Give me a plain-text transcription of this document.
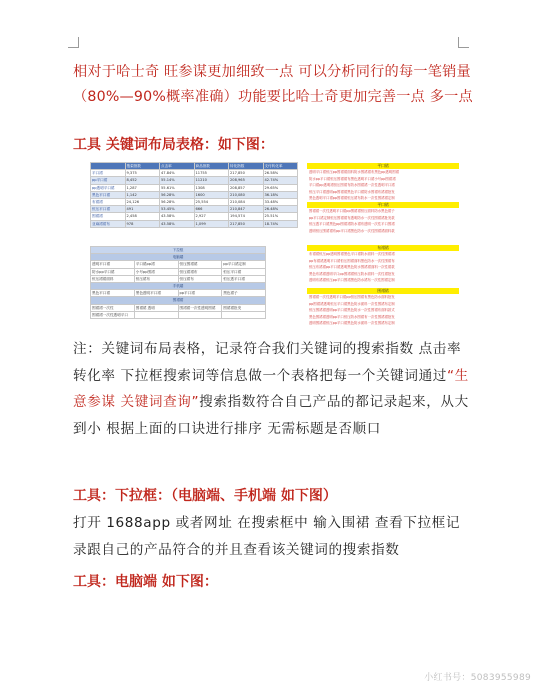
相对于哈士奇 旺参谋更加细致一点 可以分析同行的每一笔销量（80%—90%概率准确）功能要比哈士奇更加完善一点 多一点

工具 关键词布局表格：如下图：
	搜索指数	点击率	商品指数	转化指数	支付转化率
平口裙	9,375	47.84%	11755	217,850	26.58%
pp平口裙	8,452	55.14%	11210	208,965	42.74%
pp透明平口裙	1,287	55.61%	1308	208,857	29.65%
黑色平口裙	1,142	56.28%	1600	210,080	36.18%
布裙裙	24,126	56.28%	25,554	210,084	33.48%
恒压平口裙	491	53.45%	666	210,847	26.48%
围裙裙	2,458	43.58%	2,927	194,574	25.51%
亚麻裙裙布	978	43.58%	1,099	217,850	18.74%
下拉框			
电脑端			
透明平口裙	平口裙pp裙	恒压围裙裙	pp平口裙定制
防水pp平口裙	小号pp围裙	恒压裙裙布	恒压平口裙
恒压裙裙面料	恒压裙布	恒压裙布	恒压透平口裙
手机端			
黑色平口裙	黑色透明平口裙	pp平口裙	黑色裙子
围裙裙			
围裙裙一次性	围裙裙 透明	围裙裙一次性透明围裙	围裙裙批发
围裙裙一次性透明平口			
平口裙
透明平口裙恒压pp围裙裙面料防水围裙裙布黑色pp透明围裙
防水pp平口裙恒压围裙裙布黑色透明平口裙小号pp围裙裙
平口裙pp透明裙恒压围裙布防水围裙裙一次性透明平口裙
恒压平口裙透明pp围裙裙黑色平口裙防水围裙布裙裙批发
黑色透明平口裙pp围裙裙恒压裙布防水一次性围裙裙定制
平口裙
围裙裙一次性透明平口裙pp围裙裙恒压面料防水黑色裙子
pp平口裙定制恒压围裙裙布透明防水一次性围裙裙批发款
恒压透平口裙黑色pp围裙裙防水裙布透明一次性平口围裙
透明恒压围裙裙布pp平口裙黑色防水一次性围裙裙面料款
布裙裙
布裙裙恒压pp透明围裙黑色平口裙防水面料一次性围裙裙
pp布裙裙透明平口裙恒压围裙面料黑色防水一次性围裙布
恒压布裙裙pp平口裙透明黑色防水围裙裙面料一次性裙款
黑色布裙裙透明平口pp围裙裙恒压防水面料一次性裙批发
透明布裙裙恒压pp平口围裙黑色防水裙布一次性围裙定制
围裙裙
围裙裙一次性透明平口裙pp恒压围裙布黑色防水面料批发
pp围裙裙透明恒压平口裙黑色防水面料一次性围裙布定制
恒压围裙裙透明pp平口裙黑色防水一次性围裙布面料款式
黑色围裙裙透明pp平口恒压防水围裙布一次性围裙裙批发
透明围裙裙恒压pp平口裙黑色防水面料一次性围裙布定制

注：关键词布局表格，记录符合我们关键词的搜索指数 点击率 转化率 下拉框搜索词等信息做一个表格把每一个关键词通过“生意参谋 关键词查询”搜索指数符合自己产品的都记录起来，从大到小 根据上面的口诀进行排序 无需标题是否顺口

工具：下拉框：（电脑端、手机端 如下图）

打开 1688app 或者网址 在搜索框中 输入围裙 查看下拉框记录跟自己的产品符合的并且查看该关键词的搜索指数

工具：电脑端 如下图：
小红书号：5083955989
